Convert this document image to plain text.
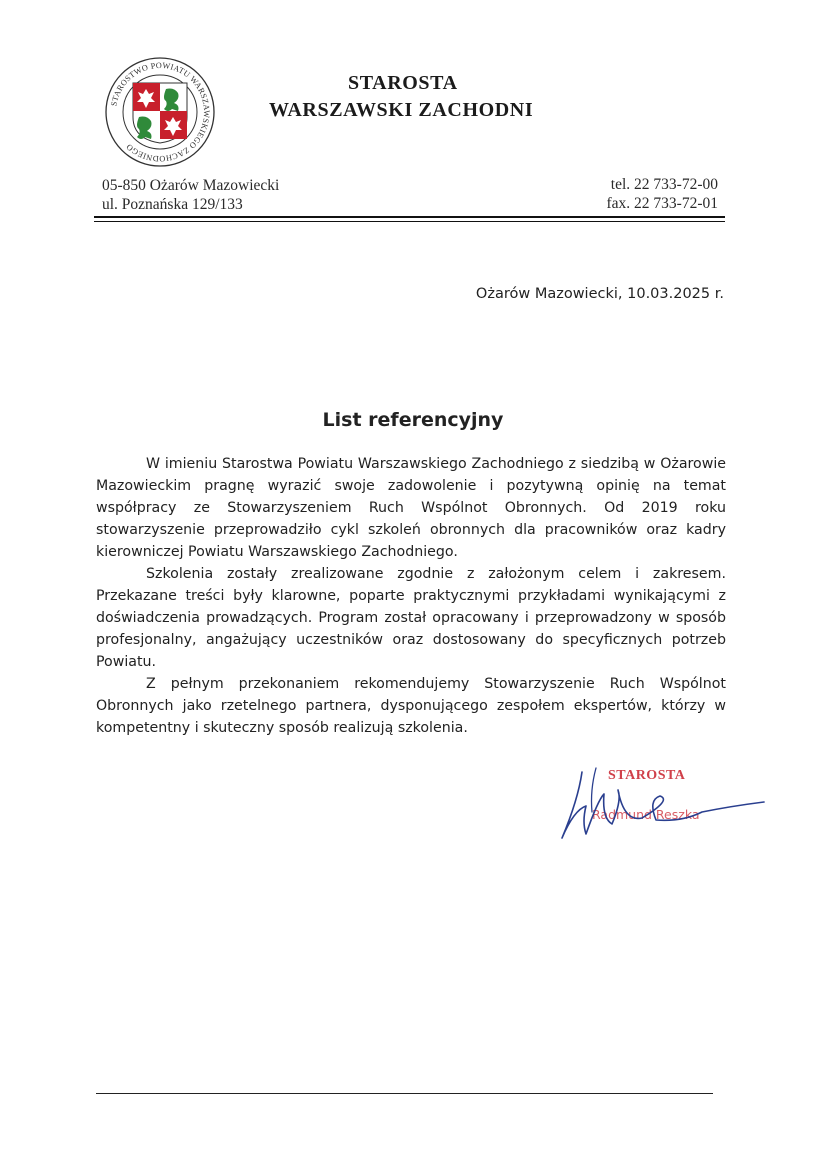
STAROSTWO POWIATU WARSZAWSKIEGO ZACHODNIEGO
STAROSTA
WARSZAWSKI ZACHODNI
05-850 Ożarów Mazowiecki
ul. Poznańska 129/133
tel. 22 733-72-00
fax. 22 733-72-01
Ożarów Mazowiecki, 10.03.2025 r.
List referencyjny

W imieniu Starostwa Powiatu Warszawskiego Zachodniego z siedzibą w Ożarowie Mazowieckim pragnę wyrazić swoje zadowolenie i pozytywną opinię na temat współpracy ze Stowarzyszeniem Ruch Wspólnot Obronnych. Od 2019 roku stowarzyszenie przeprowadziło cykl szkoleń obronnych dla pracowników oraz kadry kierowniczej Powiatu Warszawskiego Zachodniego.

Szkolenia zostały zrealizowane zgodnie z założonym celem i zakresem. Przekazane treści były klarowne, poparte praktycznymi przykładami wynikającymi z doświadczenia prowadzących. Program został opracowany i przeprowadzony w sposób profesjonalny, angażujący uczestników oraz dostosowany do specyficznych potrzeb Powiatu.

Z pełnym przekonaniem rekomendujemy Stowarzyszenie Ruch Wspólnot Obronnych jako rzetelnego partnera, dysponującego zespołem ekspertów, którzy w kompetentny i skuteczny sposób realizują szkolenia.

STAROSTA
Radmund Reszka
